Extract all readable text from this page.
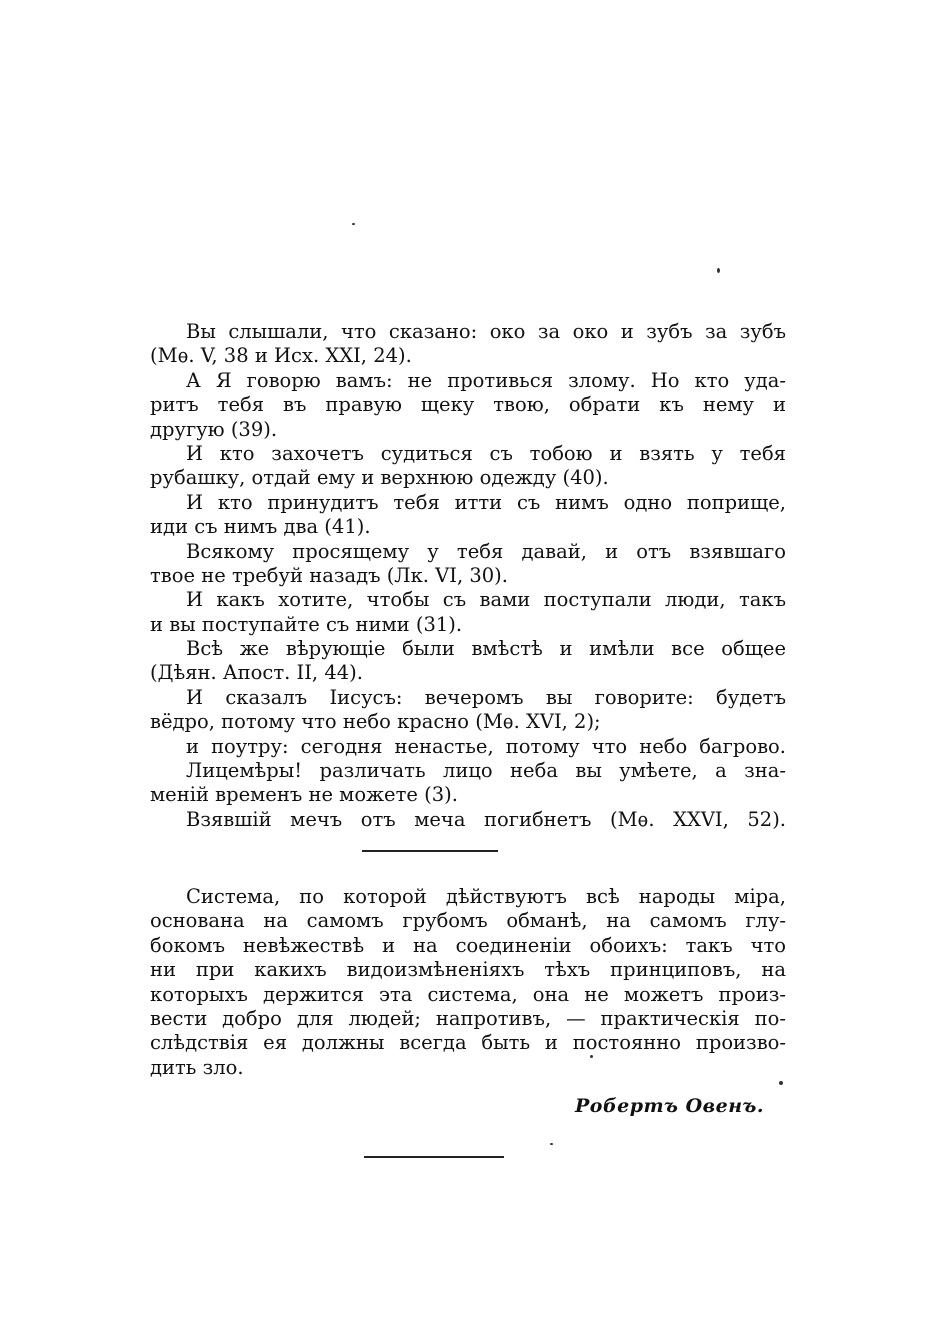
Вы слышали, что сказано: око за око и зубъ за зубъ
(Мѳ. V, 38 и Исх. XXI, 24).
А Я говорю вамъ: не противься злому. Но кто уда-
ритъ тебя въ правую щеку твою, обрати къ нему и
другую (39).
И кто захочетъ судиться съ тобою и взять у тебя
рубашку, отдай ему и верхнюю одежду (40).
И кто принудитъ тебя итти съ нимъ одно поприще,
иди съ нимъ два (41).
Всякому просящему у тебя давай, и отъ взявшаго
твое не требуй назадъ (Лк. VI, 30).
И какъ хотите, чтобы съ вами поступали люди, такъ
и вы поступайте съ ними (31).
Всѣ же вѣрующіе были вмѣстѣ и имѣли все общее
(Дѣян. Апост. II, 44).
И сказалъ Іисусъ: вечеромъ вы говорите: будетъ
вёдро, потому что небо красно (Мѳ. XVI, 2);
и поутру: сегодня ненастье, потому что небо багрово.
Лицемѣры! различать лицо неба вы умѣете, а зна-
меній временъ не можете (3).
Взявшій мечъ отъ меча погибнетъ (Мѳ. XXVI, 52).
Система, по которой дѣйствуютъ всѣ народы міра,
основана на самомъ грубомъ обманѣ, на самомъ глу-
бокомъ невѣжествѣ и на соединеніи обоихъ: такъ что
ни при какихъ видоизмѣненіяхъ тѣхъ принциповъ, на
которыхъ держится эта система, она не можетъ произ-
вести добро для людей; напротивъ, — практическія по-
слѣдствія ея должны всегда быть и постоянно произво-
дить зло.
Робертъ Овенъ.
